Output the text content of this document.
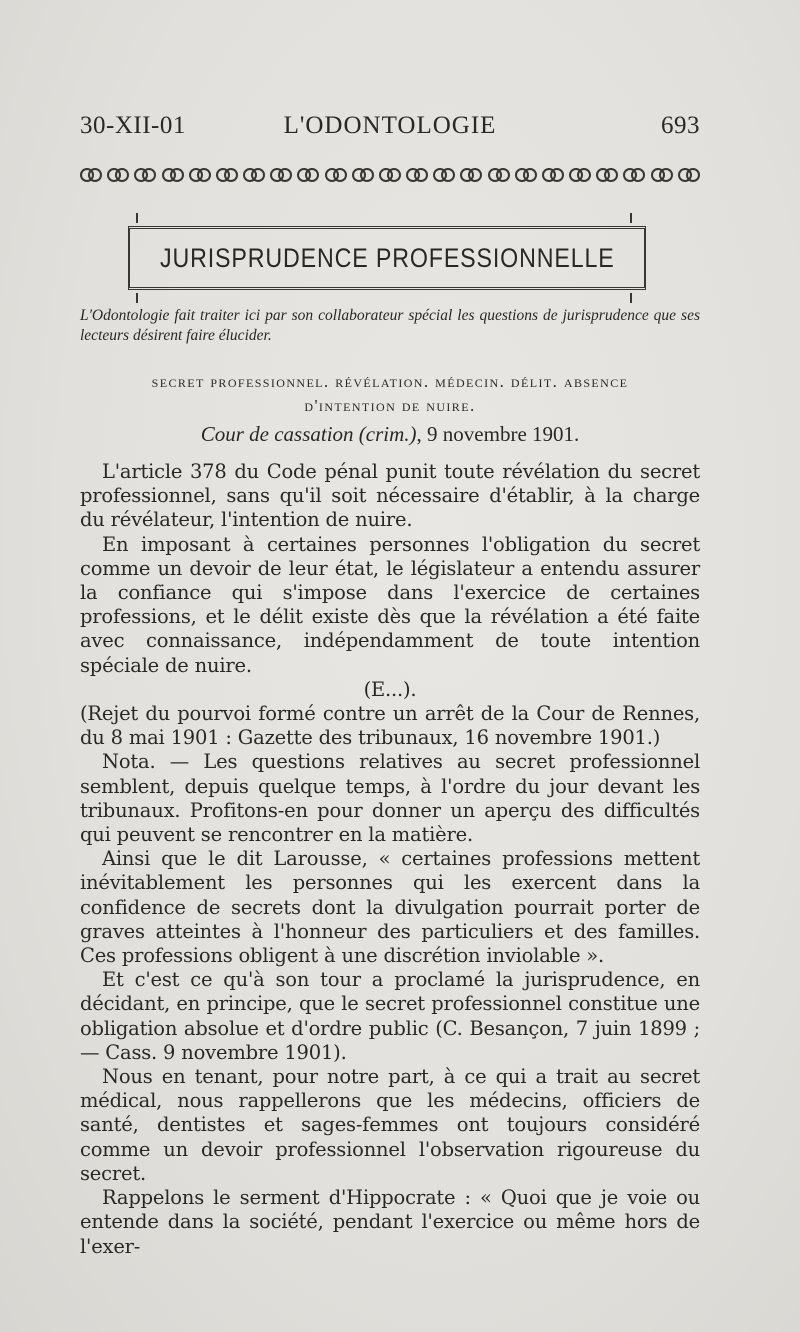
30-XII-01	L'ODONTOLOGIE	693
JURISPRUDENCE PROFESSIONNELLE
L'Odontologie fait traiter ici par son collaborateur spécial les questions de jurisprudence que ses lecteurs désirent faire élucider.
secret professionnel. révélation. médecin. délit. absence
d'intention de nuire.
Cour de cassation (crim.), 9 novembre 1901.

L'article 378 du Code pénal punit toute révélation du secret professionnel, sans qu'il soit nécessaire d'établir, à la charge du révélateur, l'intention de nuire.

En imposant à certaines personnes l'obligation du secret comme un devoir de leur état, le législateur a entendu assurer la confiance qui s'impose dans l'exercice de certaines professions, et le délit existe dès que la révélation a été faite avec connaissance, indépendamment de toute intention spéciale de nuire.

(E...).

(Rejet du pourvoi formé contre un arrêt de la Cour de Rennes, du 8 mai 1901 : Gazette des tribunaux, 16 novembre 1901.)

Nota. — Les questions relatives au secret professionnel semblent, depuis quelque temps, à l'ordre du jour devant les tribunaux. Profitons-en pour donner un aperçu des difficultés qui peuvent se rencontrer en la matière.

Ainsi que le dit Larousse, « certaines professions mettent inévitablement les personnes qui les exercent dans la confidence de secrets dont la divulgation pourrait porter de graves atteintes à l'honneur des particuliers et des familles. Ces professions obligent à une discrétion inviolable ».

Et c'est ce qu'à son tour a proclamé la jurisprudence, en décidant, en principe, que le secret professionnel constitue une obligation absolue et d'ordre public (C. Besançon, 7 juin 1899 ; — Cass. 9 novembre 1901).

Nous en tenant, pour notre part, à ce qui a trait au secret médical, nous rappellerons que les médecins, officiers de santé, dentistes et sages-femmes ont toujours considéré comme un devoir professionnel l'observation rigoureuse du secret.

Rappelons le serment d'Hippocrate : « Quoi que je voie ou entende dans la société, pendant l'exercice ou même hors de l'exer-
